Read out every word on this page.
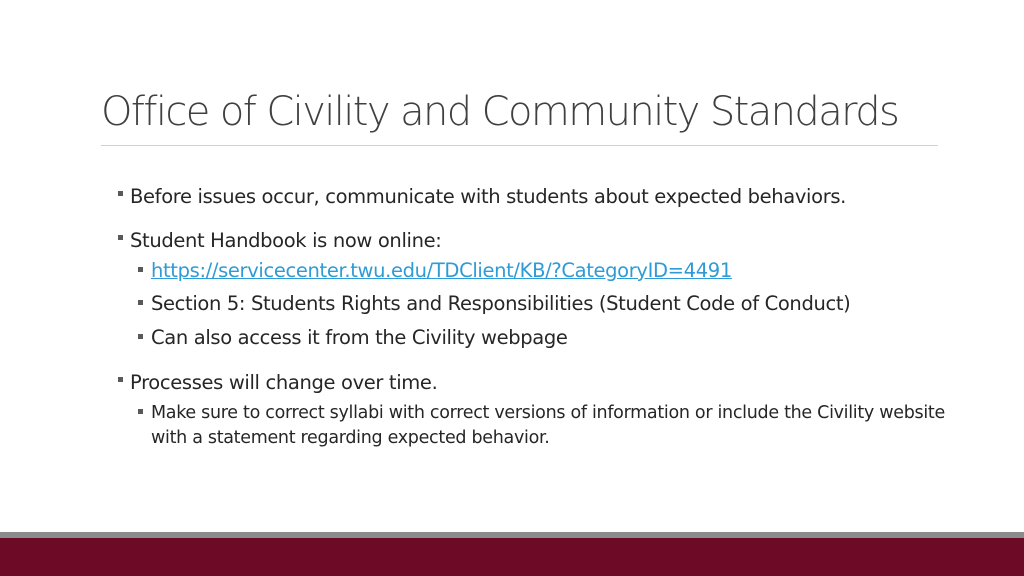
Office of Civility and Community Standards
Before issues occur, communicate with students about expected behaviors.
Student Handbook is now online:
https://servicecenter.twu.edu/TDClient/KB/?CategoryID=4491
Section 5: Students Rights and Responsibilities (Student Code of Conduct)
Can also access it from the Civility webpage
Processes will change over time.
Make sure to correct syllabi with correct versions of information or include the Civility website with a statement regarding expected behavior.
